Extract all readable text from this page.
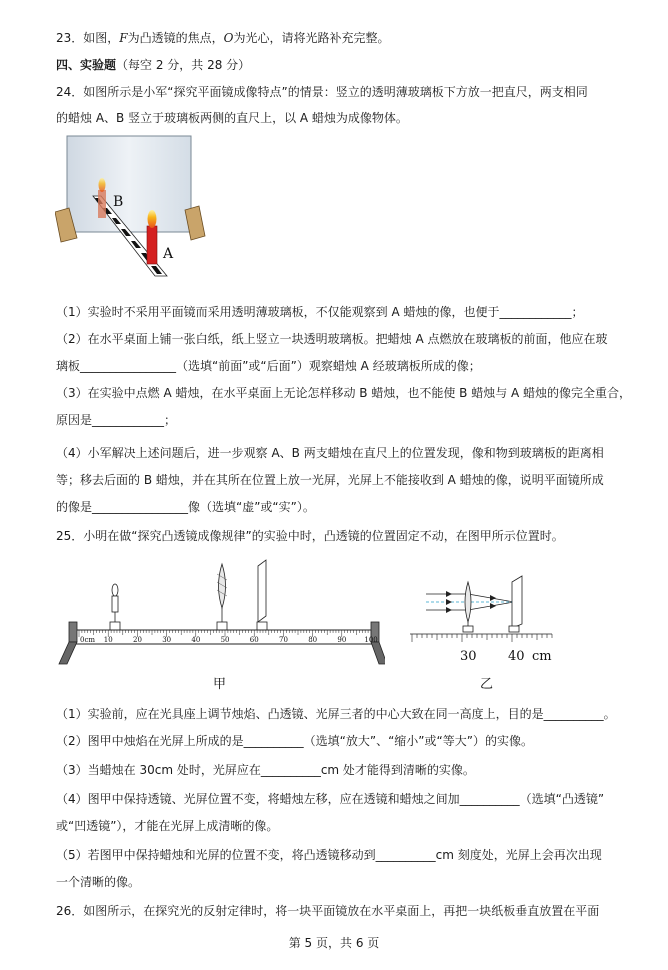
23．如图，F为凸透镜的焦点，O为光心，请将光路补充完整。
四、实验题（每空 2 分，共 28 分）
24．如图所示是小军“探究平面镜成像特点”的情景：竖立的透明薄玻璃板下方放一把直尺，两支相同
的蜡烛 A、B 竖立于玻璃板两侧的直尺上，以 A 蜡烛为成像物体。
B
A
（1）实验时不采用平面镜而采用透明薄玻璃板，不仅能观察到 A 蜡烛的像，也便于____________；
（2）在水平桌面上铺一张白纸，纸上竖立一块透明玻璃板。把蜡烛 A 点燃放在玻璃板的前面，他应在玻
璃板________________（选填“前面”或“后面”）观察蜡烛 A 经玻璃板所成的像；
（3）在实验中点燃 A 蜡烛，在水平桌面上无论怎样移动 B 蜡烛，也不能使 B 蜡烛与 A 蜡烛的像完全重合，
原因是____________；
（4）小军解决上述问题后，进一步观察 A、B 两支蜡烛在直尺上的位置发现，像和物到玻璃板的距离相
等；移去后面的 B 蜡烛，并在其所在位置上放一光屏，光屏上不能接收到 A 蜡烛的像，说明平面镜所成
的像是________________像（选填“虚”或“实”）。
25．小明在做“探究凸透镜成像规律”的实验中时，凸透镜的位置固定不动，在图甲所示位置时。
0cm 10	20	30	40	50	60	70	80	90	100
甲
30 40 cm
乙
（1）实验前，应在光具座上调节烛焰、凸透镜、光屏三者的中心大致在同一高度上，目的是__________。
（2）图甲中烛焰在光屏上所成的是__________（选填“放大”、“缩小”或“等大”）的实像。
（3）当蜡烛在 30cm 处时，光屏应在__________cm 处才能得到清晰的实像。
（4）图甲中保持透镜、光屏位置不变，将蜡烛左移，应在透镜和蜡烛之间加__________（选填“凸透镜”
或“凹透镜”），才能在光屏上成清晰的像。
（5）若图甲中保持蜡烛和光屏的位置不变，将凸透镜移动到__________cm 刻度处，光屏上会再次出现
一个清晰的像。
26．如图所示，在探究光的反射定律时，将一块平面镜放在水平桌面上，再把一块纸板垂直放置在平面
第 5 页，共 6 页
